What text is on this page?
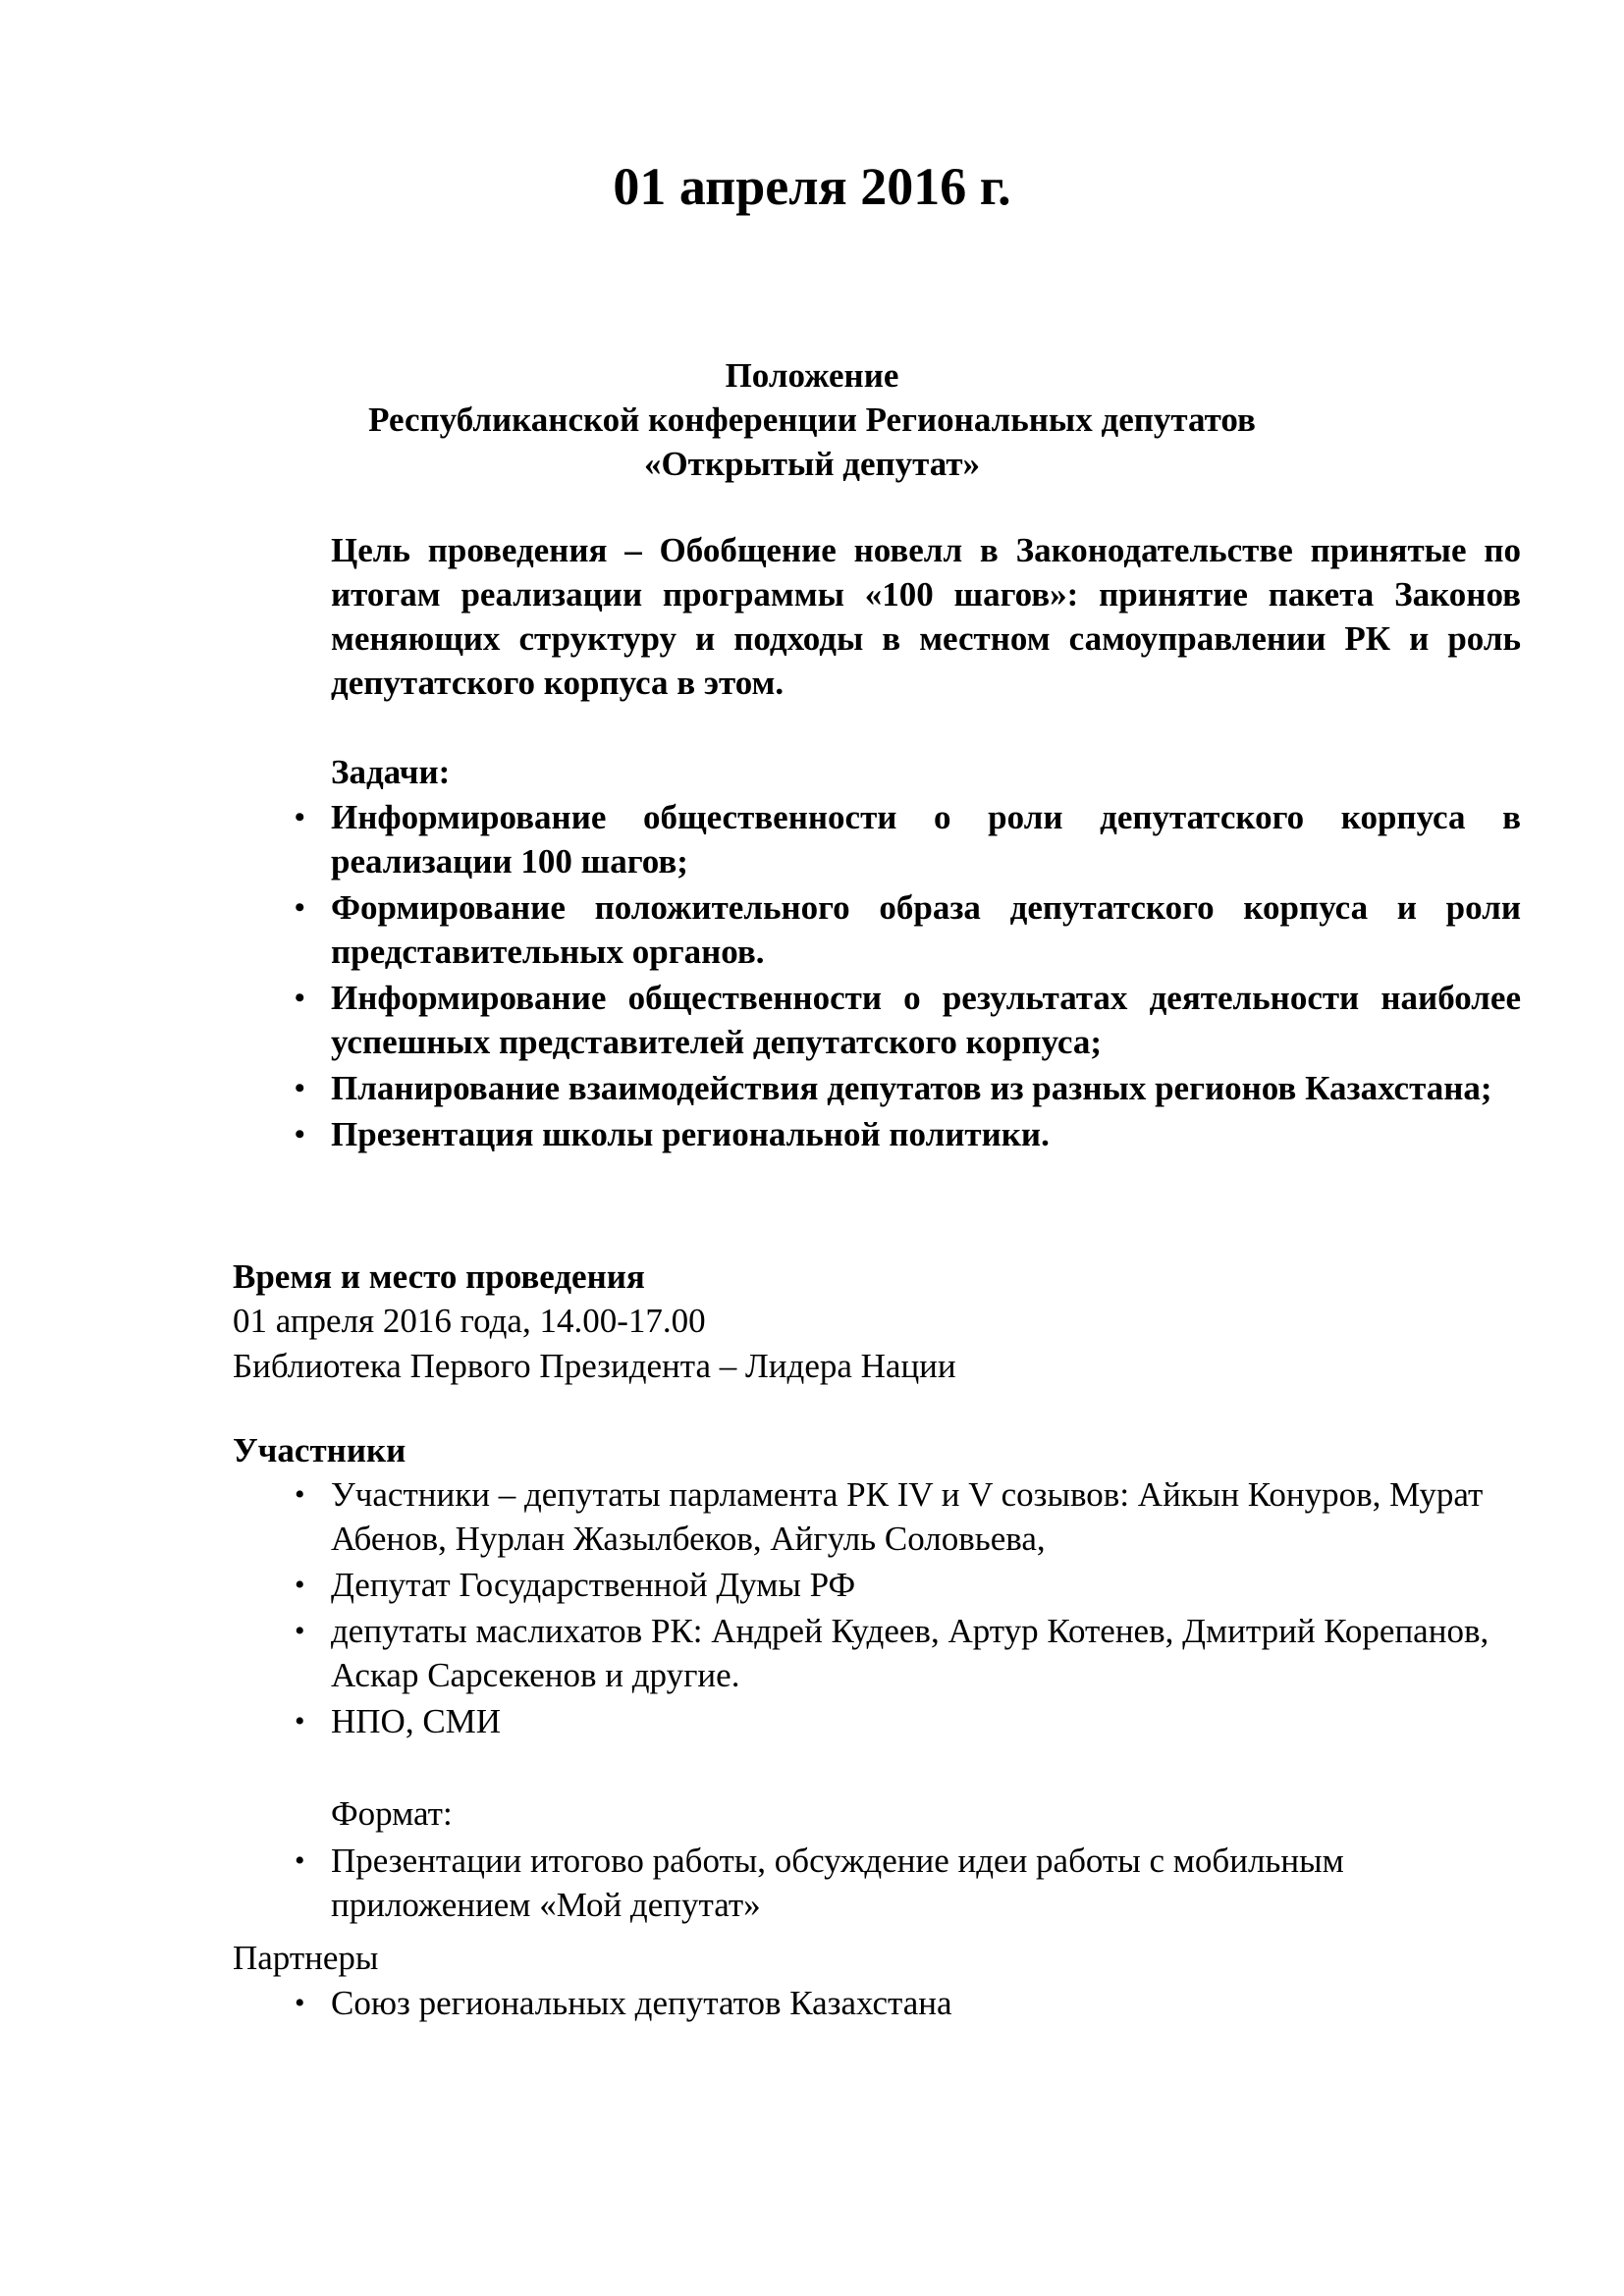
01 апреля 2016 г.
Положение
Республиканской конференции Региональных депутатов
«Открытый депутат»
Цель проведения – Обобщение новелл в Законодательстве принятые по итогам реализации программы «100 шагов»: принятие пакета Законов меняющих структуру и подходы в местном самоуправлении РК и роль депутатского корпуса в этом.
Задачи:
• Информирование общественности о роли депутатского корпуса в реализации 100 шагов;
• Формирование положительного образа депутатского корпуса и роли представительных органов.
• Информирование общественности о результатах деятельности наиболее успешных представителей депутатского корпуса;
• Планирование взаимодействия депутатов из разных регионов Казахстана;
• Презентация школы региональной политики.
Время и место проведения
01 апреля 2016 года, 14.00-17.00
Библиотека Первого Президента – Лидера Нации
Участники
• Участники – депутаты парламента РК IV и V созывов: Айкын Конуров, Мурат Абенов, Нурлан Жазылбеков, Айгуль Соловьева,
• Депутат Государственной Думы РФ
• депутаты маслихатов РК: Андрей Кудеев, Артур Котенев, Дмитрий Корепанов, Аскар Сарсекенов и другие.
• НПО, СМИ
Формат:
• Презентации итогово работы, обсуждение идеи работы с мобильным приложением «Мой депутат»
Партнеры
• Союз региональных депутатов Казахстана
